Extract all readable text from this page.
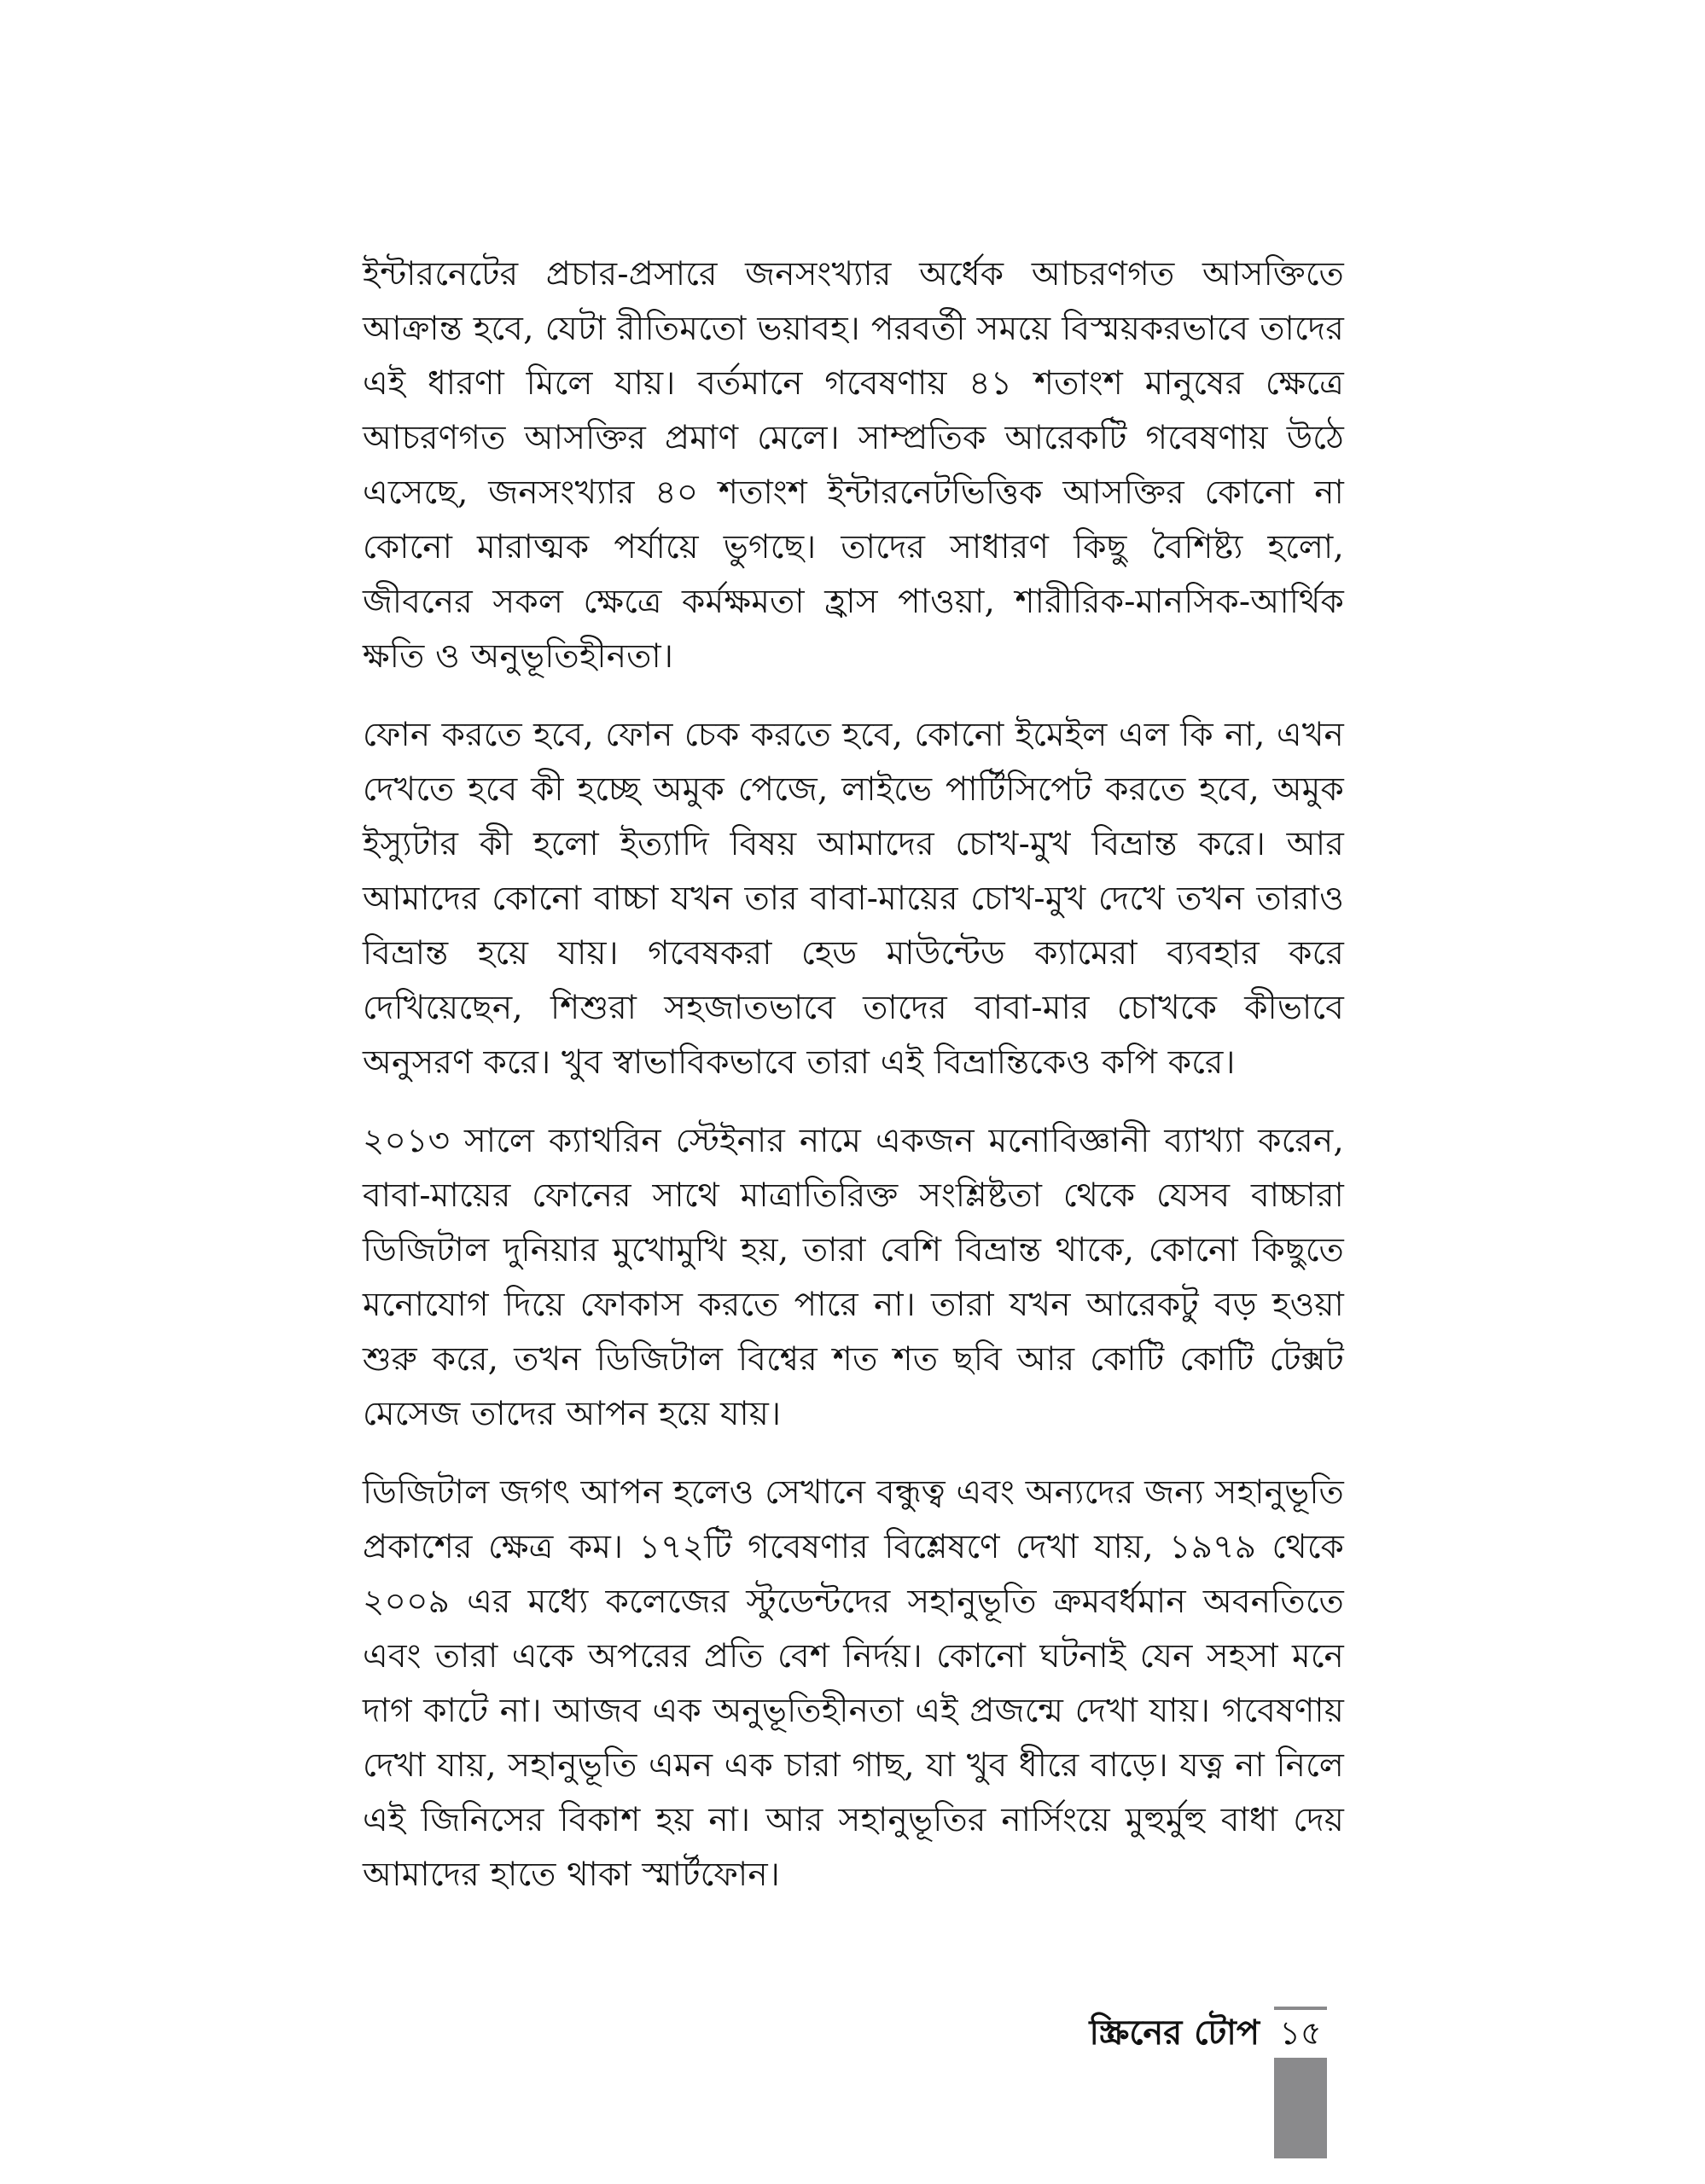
ইন্টারনেটের প্রচার-প্রসারে জনসংখ্যার অর্ধেক আচরণগত আসক্তিতে আক্রান্ত হবে, যেটা রীতিমতো ভয়াবহ। পরবর্তী সময়ে বিস্ময়করভাবে তাদের এই ধারণা মিলে যায়। বর্তমানে গবেষণায় ৪১ শতাংশ মানুষের ক্ষেত্রে আচরণগত আসক্তির প্রমাণ মেলে। সাম্প্রতিক আরেকটি গবেষণায় উঠে এসেছে, জনসংখ্যার ৪০ শতাংশ ইন্টারনেটভিত্তিক আসক্তির কোনো না কোনো মারাত্মক পর্যায়ে ভুগছে। তাদের সাধারণ কিছু বৈশিষ্ট্য হলো, জীবনের সকল ক্ষেত্রে কর্মক্ষমতা হ্রাস পাওয়া, শারীরিক-মানসিক-আর্থিক ক্ষতি ও অনুভূতিহীনতা।

ফোন করতে হবে, ফোন চেক করতে হবে, কোনো ইমেইল এল কি না, এখন দেখতে হবে কী হচ্ছে অমুক পেজে, লাইভে পার্টিসিপেট করতে হবে, অমুক ইস্যুটার কী হলো ইত্যাদি বিষয় আমাদের চোখ-মুখ বিভ্রান্ত করে। আর আমাদের কোনো বাচ্চা যখন তার বাবা-মায়ের চোখ-মুখ দেখে তখন তারাও বিভ্রান্ত হয়ে যায়। গবেষকরা হেড মাউন্টেড ক্যামেরা ব্যবহার করে দেখিয়েছেন, শিশুরা সহজাতভাবে তাদের বাবা-মার চোখকে কীভাবে অনুসরণ করে। খুব স্বাভাবিকভাবে তারা এই বিভ্রান্তিকেও কপি করে।

২০১৩ সালে ক্যাথরিন স্টেইনার নামে একজন মনোবিজ্ঞানী ব্যাখ্যা করেন, বাবা-মায়ের ফোনের সাথে মাত্রাতিরিক্ত সংশ্লিষ্টতা থেকে যেসব বাচ্চারা ডিজিটাল দুনিয়ার মুখোমুখি হয়, তারা বেশি বিভ্রান্ত থাকে, কোনো কিছুতে মনোযোগ দিয়ে ফোকাস করতে পারে না। তারা যখন আরেকটু বড় হওয়া শুরু করে, তখন ডিজিটাল বিশ্বের শত শত ছবি আর কোটি কোটি টেক্সট মেসেজ তাদের আপন হয়ে যায়।

ডিজিটাল জগৎ আপন হলেও সেখানে বন্ধুত্ব এবং অন্যদের জন্য সহানুভূতি প্রকাশের ক্ষেত্র কম। ১৭২টি গবেষণার বিশ্লেষণে দেখা যায়, ১৯৭৯ থেকে ২০০৯ এর মধ্যে কলেজের স্টুডেন্টদের সহানুভূতি ক্রমবর্ধমান অবনতিতে এবং তারা একে অপরের প্রতি বেশ নির্দয়। কোনো ঘটনাই যেন সহসা মনে দাগ কাটে না। আজব এক অনুভূতিহীনতা এই প্রজন্মে দেখা যায়। গবেষণায় দেখা যায়, সহানুভূতি এমন এক চারা গাছ, যা খুব ধীরে বাড়ে। যত্ন না নিলে এই জিনিসের বিকাশ হয় না। আর সহানুভূতির নার্সিংয়ে মুহুর্মুহু বাধা দেয় আমাদের হাতে থাকা স্মার্টফোন।

স্ক্রিনের টোপ ১৫
